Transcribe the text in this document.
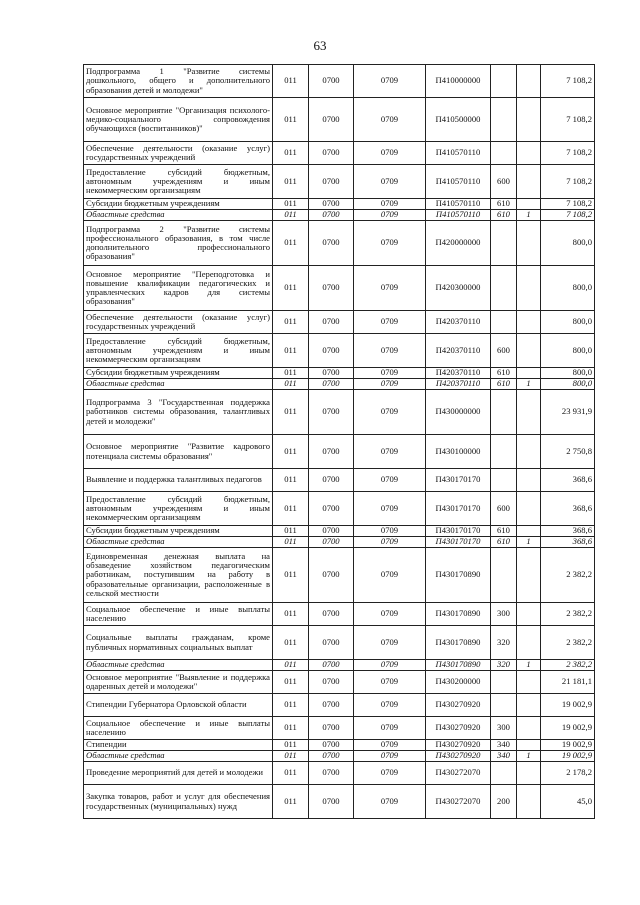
63
Подпрограмма 1 "Развитие системы дошкольного, общего и дополнительного образования детей и молодежи"	011	0700	0709	П410000000			7 108,2
Основное мероприятие "Организация психолого-медико-социального сопровождения обучающихся (воспитанников)"	011	0700	0709	П410500000			7 108,2
Обеспечение деятельности (оказание услуг) государственных учреждений	011	0700	0709	П410570110			7 108,2
Предоставление субсидий бюджетным, автономным учреждениям и иным некоммерческим организациям	011	0700	0709	П410570110	600		7 108,2
Субсидии бюджетным учреждениям	011	0700	0709	П410570110	610		7 108,2
Областные средства	011	0700	0709	П410570110	610	1	7 108,2
Подпрограмма 2 "Развитие системы профессионального образования, в том числе дополнительного профессионального образования"	011	0700	0709	П420000000			800,0
Основное мероприятие "Переподготовка и повышение квалификации педагогических и управленческих кадров для системы образования"	011	0700	0709	П420300000			800,0
Обеспечение деятельности (оказание услуг) государственных учреждений	011	0700	0709	П420370110			800,0
Предоставление субсидий бюджетным, автономным учреждениям и иным некоммерческим организациям	011	0700	0709	П420370110	600		800,0
Субсидии бюджетным учреждениям	011	0700	0709	П420370110	610		800,0
Областные средства	011	0700	0709	П420370110	610	1	800,0
Подпрограмма 3 "Государственная поддержка работников системы образования, талантливых детей и молодежи"	011	0700	0709	П430000000			23 931,9
Основное мероприятие "Развитие кадрового потенциала системы образования"	011	0700	0709	П430100000			2 750,8
Выявление и поддержка талантливых педагогов	011	0700	0709	П430170170			368,6
Предоставление субсидий бюджетным, автономным учреждениям и иным некоммерческим организациям	011	0700	0709	П430170170	600		368,6
Субсидии бюджетным учреждениям	011	0700	0709	П430170170	610		368,6
Областные средства	011	0700	0709	П430170170	610	1	368,6
Единовременная денежная выплата на обзаведение хозяйством педагогическим работникам, поступившим на работу в образовательные организации, расположенные в сельской местности	011	0700	0709	П430170890			2 382,2
Социальное обеспечение и иные выплаты населению	011	0700	0709	П430170890	300		2 382,2
Социальные выплаты гражданам, кроме публичных нормативных социальных выплат	011	0700	0709	П430170890	320		2 382,2
Областные средства	011	0700	0709	П430170890	320	1	2 382,2
Основное мероприятие "Выявление и поддержка одаренных детей и молодежи"	011	0700	0709	П430200000			21 181,1
Стипендии Губернатора Орловской области	011	0700	0709	П430270920			19 002,9
Социальное обеспечение и иные выплаты населению	011	0700	0709	П430270920	300		19 002,9
Стипендии	011	0700	0709	П430270920	340		19 002,9
Областные средства	011	0700	0709	П430270920	340	1	19 002,9
Проведение мероприятий для детей и молодежи	011	0700	0709	П430272070			2 178,2
Закупка товаров, работ и услуг для обеспечения государственных (муниципальных) нужд	011	0700	0709	П430272070	200		45,0
